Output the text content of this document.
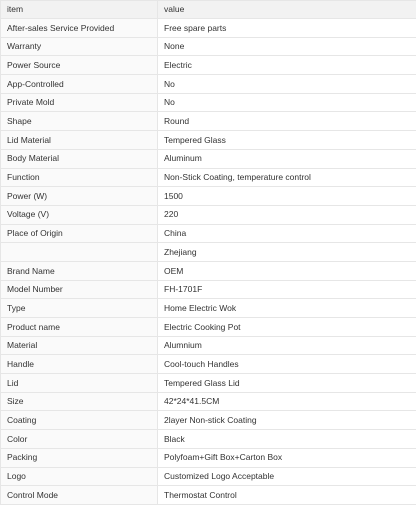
item	value
After-sales Service Provided	Free spare parts
Warranty	None
Power Source	Electric
App-Controlled	No
Private Mold	No
Shape	Round
Lid Material	Tempered Glass
Body Material	Aluminum
Function	Non-Stick Coating, temperature control
Power (W)	1500
Voltage (V)	220
Place of Origin	China
	Zhejiang
Brand Name	OEM
Model Number	FH-1701F
Type	Home Electric Wok
Product name	Electric Cooking Pot
Material	Alumnium
Handle	Cool-touch Handles
Lid	Tempered Glass Lid
Size	42*24*41.5CM
Coating	2layer Non-stick Coating
Color	Black
Packing	Polyfoam+Gift Box+Carton Box
Logo	Customized Logo Acceptable
Control Mode	Thermostat Control
